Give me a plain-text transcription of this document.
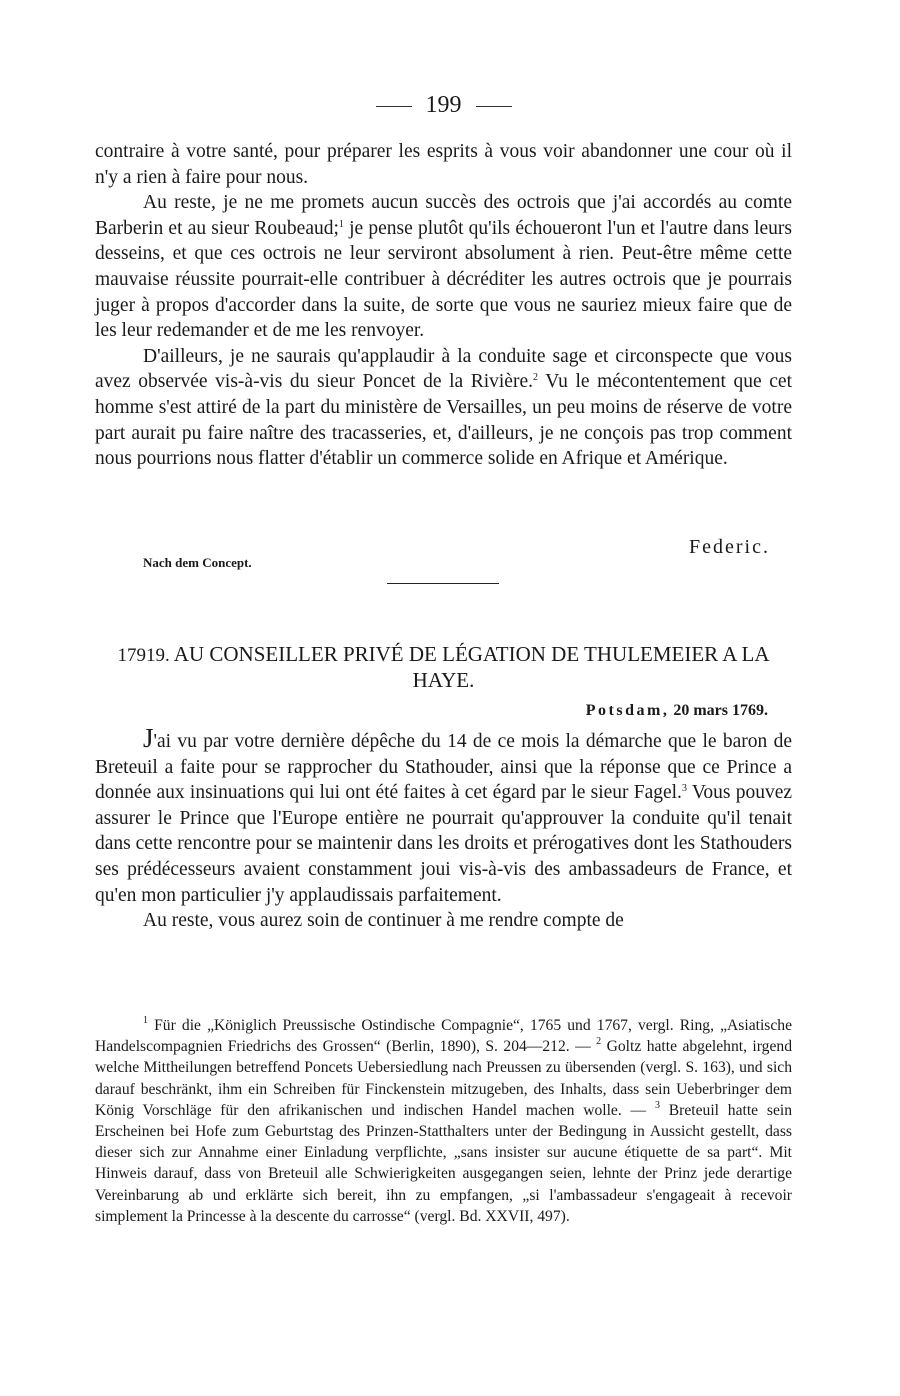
199

contraire à votre santé, pour préparer les esprits à vous voir abandonner une cour où il n'y a rien à faire pour nous.

Au reste, je ne me promets aucun succès des octrois que j'ai accordés au comte Barberin et au sieur Roubeaud;$^1$ je pense plutôt qu'ils échoueront l'un et l'autre dans leurs desseins, et que ces octrois ne leur serviront absolument à rien. Peut-être même cette mauvaise réussite pourrait-elle contribuer à décréditer les autres octrois que je pourrais juger à propos d'accorder dans la suite, de sorte que vous ne sauriez mieux faire que de les leur redemander et de me les renvoyer.

D'ailleurs, je ne saurais qu'applaudir à la conduite sage et circonspecte que vous avez observée vis-à-vis du sieur Poncet de la Rivière.$^2$ Vu le mécontentement que cet homme s'est attiré de la part du ministère de Versailles, un peu moins de réserve de votre part aurait pu faire naître des tracasseries, et, d'ailleurs, je ne conçois pas trop comment nous pourrions nous flatter d'établir un commerce solide en Afrique et Amérique.

Federic.
Nach dem Concept.
17919. AU CONSEILLER PRIVÉ DE LÉGATION DE THULEMEIER A LA HAYE.
Potsdam, 20 mars 1769.

J'ai vu par votre dernière dépêche du 14 de ce mois la démarche que le baron de Breteuil a faite pour se rapprocher du Stathouder, ainsi que la réponse que ce Prince a donnée aux insinuations qui lui ont été faites à cet égard par le sieur Fagel.$^3$ Vous pouvez assurer le Prince que l'Europe entière ne pourrait qu'approuver la conduite qu'il tenait dans cette rencontre pour se maintenir dans les droits et prérogatives dont les Stathouders ses prédécesseurs avaient constamment joui vis-à-vis des ambassadeurs de France, et qu'en mon particulier j'y applaudissais parfaitement.

Au reste, vous aurez soin de continuer à me rendre compte de

$^1$ Für die „Königlich Preussische Ostindische Compagnie“, 1765 und 1767, vergl. Ring, „Asiatische Handelscompagnien Friedrichs des Grossen“ (Berlin, 1890), S. 204—212. — $^2$ Goltz hatte abgelehnt, irgend welche Mittheilungen betreffend Poncets Uebersiedlung nach Preussen zu übersenden (vergl. S. 163), und sich darauf beschränkt, ihm ein Schreiben für Finckenstein mitzugeben, des Inhalts, dass sein Ueberbringer dem König Vorschläge für den afrikanischen und indischen Handel machen wolle. — $^3$ Breteuil hatte sein Erscheinen bei Hofe zum Geburtstag des Prinzen-Statthalters unter der Bedingung in Aussicht gestellt, dass dieser sich zur Annahme einer Einladung verpflichte, „sans insister sur aucune étiquette de sa part“. Mit Hinweis darauf, dass von Breteuil alle Schwierigkeiten ausgegangen seien, lehnte der Prinz jede derartige Vereinbarung ab und erklärte sich bereit, ihn zu empfangen, „si l'ambassadeur s'engageait à recevoir simplement la Princesse à la descente du carrosse“ (vergl. Bd. XXVII, 497).
